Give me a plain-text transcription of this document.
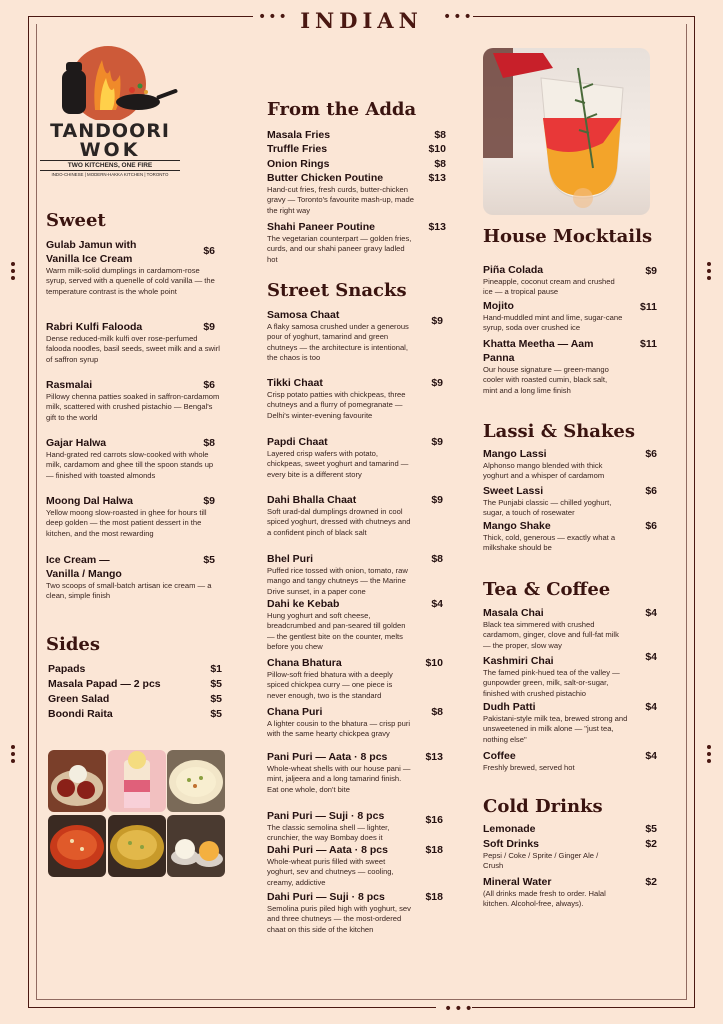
•••	•••
•••
INDIAN
TANDOORI
WOK
TWO KITCHENS, ONE FIRE
INDO-CHINESE | MODERN-HAKKA KITCHEN | TORONTO
Sweet
Gulab Jamun with
Vanilla Ice Cream
$6
Warm milk-solid dumplings in cardamom-rose syrup, served with a quenelle of cold vanilla — the temperature contrast is the whole point
Rabri Kulfi Falooda	$9
Dense reduced-milk kulfi over rose-perfumed falooda noodles, basil seeds, sweet milk and a swirl of saffron syrup
Rasmalai	$6
Pillowy chenna patties soaked in saffron-cardamom milk, scattered with crushed pistachio — Bengal's gift to the world
Gajar Halwa	$8
Hand-grated red carrots slow-cooked with whole milk, cardamom and ghee till the spoon stands up — finished with toasted almonds
Moong Dal Halwa	$9
Yellow moong slow-roasted in ghee for hours till deep golden — the most patient dessert in the kitchen, and the most rewarding
Ice Cream —
Vanilla / Mango
$5
Two scoops of small-batch artisan ice cream — a clean, simple finish
Sides
Papads	$1
Masala Papad — 2 pcs	$5
Green Salad	$5
Boondi Raita	$5
From the Adda
Masala Fries	$8
Truffle Fries	$10
Onion Rings	$8
Butter Chicken Poutine	$13
Hand-cut fries, fresh curds, butter-chicken gravy — Toronto's favourite mash-up, made the right way
Shahi Paneer Poutine	$13
The vegetarian counterpart — golden fries, curds, and our shahi paneer gravy ladled hot
Street Snacks
Samosa Chaat	$9
A flaky samosa crushed under a generous pour of yoghurt, tamarind and green chutneys — the architecture is intentional, the chaos is too
Tikki Chaat	$9
Crisp potato patties with chickpeas, three chutneys and a flurry of pomegranate — Delhi's winter-evening favourite
Papdi Chaat	$9
Layered crisp wafers with potato, chickpeas, sweet yoghurt and tamarind — every bite is a different story
Dahi Bhalla Chaat	$9
Soft urad-dal dumplings drowned in cool spiced yoghurt, dressed with chutneys and a confident pinch of black salt
Bhel Puri	$8
Puffed rice tossed with onion, tomato, raw mango and tangy chutneys — the Marine Drive sunset, in a paper cone
Dahi ke Kebab	$4
Hung yoghurt and soft cheese, breadcrumbed and pan-seared till golden — the gentlest bite on the counter, melts before you chew
Chana Bhatura	$10
Pillow-soft fried bhatura with a deeply spiced chickpea curry — one piece is never enough, two is the standard
Chana Puri	$8
A lighter cousin to the bhatura — crisp puri with the same hearty chickpea gravy
Pani Puri — Aata · 8 pcs	$13
Whole-wheat shells with our house pani — mint, jaljeera and a long tamarind finish. Eat one whole, don't bite
Pani Puri — Suji · 8 pcs	$16
The classic semolina shell — lighter, crunchier, the way Bombay does it
Dahi Puri — Aata · 8 pcs	$18
Whole-wheat puris filled with sweet yoghurt, sev and chutneys — cooling, creamy, addictive
Dahi Puri — Suji · 8 pcs	$18
Semolina puris piled high with yoghurt, sev and three chutneys — the most-ordered chaat on this side of the kitchen
House Mocktails
Piña Colada	$9
Pineapple, coconut cream and crushed ice — a tropical pause
Mojito	$11
Hand-muddled mint and lime, sugar-cane syrup, soda over crushed ice
Khatta Meetha — Aam
Panna
$11
Our house signature — green-mango cooler with roasted cumin, black salt, mint and a long lime finish
Lassi & Shakes
Mango Lassi	$6
Alphonso mango blended with thick yoghurt and a whisper of cardamom
Sweet Lassi	$6
The Punjabi classic — chilled yoghurt, sugar, a touch of rosewater
Mango Shake	$6
Thick, cold, generous — exactly what a milkshake should be
Tea & Coffee
Masala Chai	$4
Black tea simmered with crushed cardamom, ginger, clove and full-fat milk — the proper, slow way
Kashmiri Chai	$4
The famed pink-hued tea of the valley — gunpowder green, milk, salt-or-sugar, finished with crushed pistachio
Dudh Patti	$4
Pakistani-style milk tea, brewed strong and unsweetened in milk alone — "just tea, nothing else"
Coffee	$4
Freshly brewed, served hot
Cold Drinks
Lemonade	$5
Soft Drinks	$2
Pepsi / Coke / Sprite / Ginger Ale / Crush
Mineral Water	$2
(All drinks made fresh to order. Halal kitchen. Alcohol-free, always).
